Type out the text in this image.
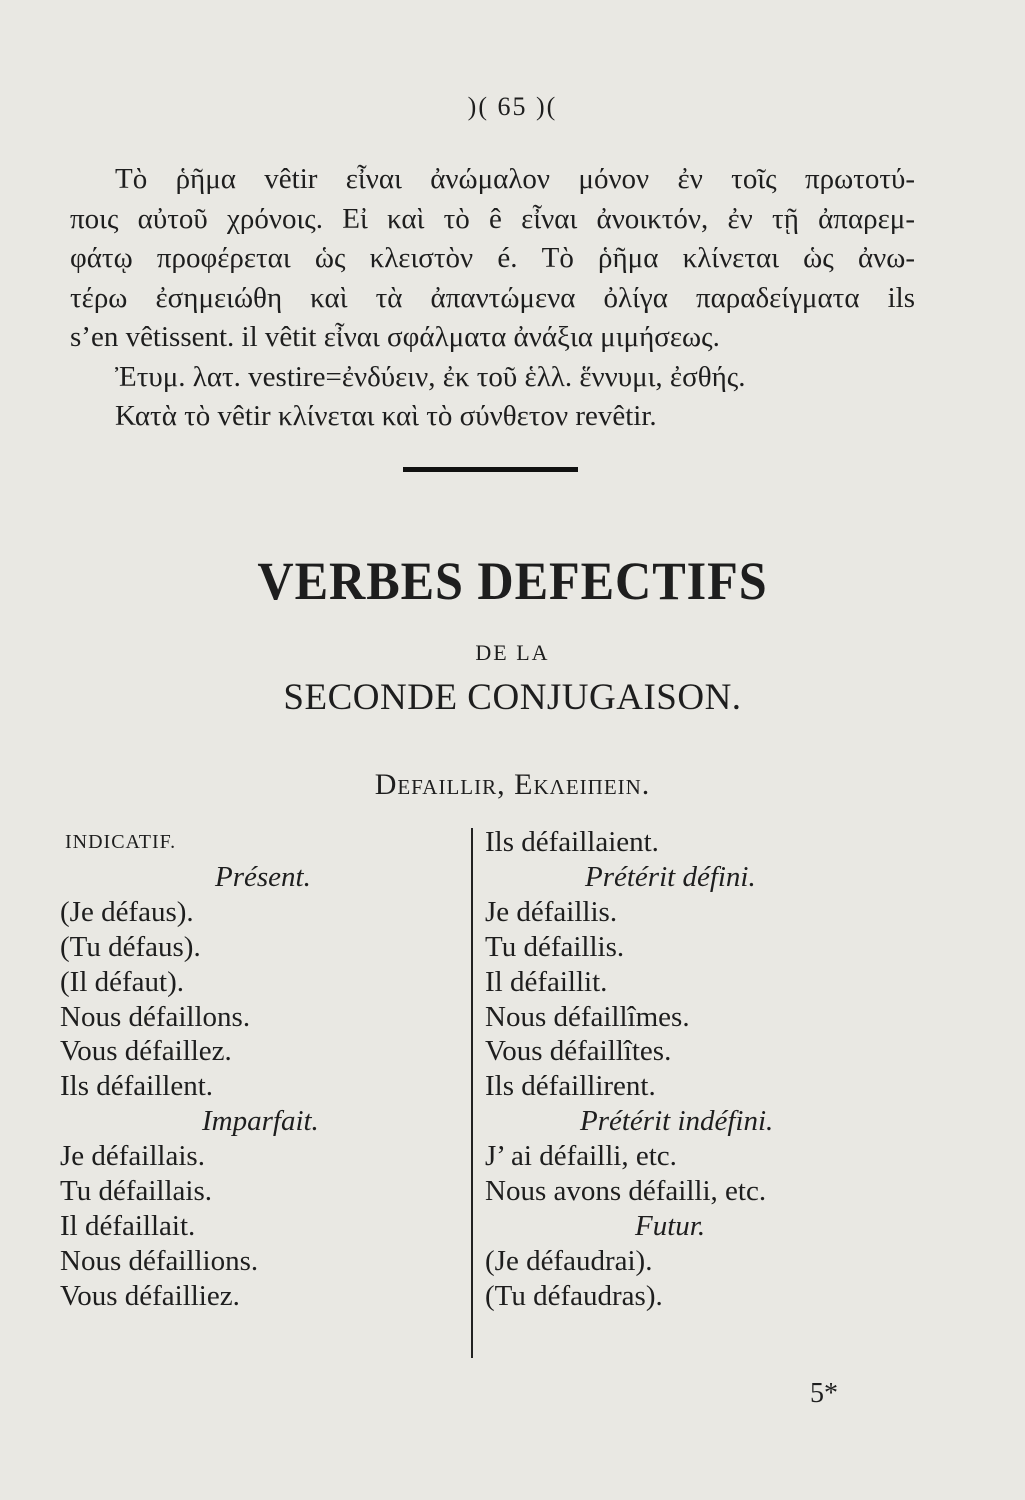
)( 65 )(
Τὸ ῥῆμα vêtir εἶναι ἀνώμαλον μόνον ἐν τοῖς πρωτοτύ-
ποις αὐτοῦ χρόνοις. Εἰ καὶ τὸ ê εἶναι ἀνοικτόν, ἐν τῇ ἀπαρεμ-
φάτῳ προφέρεται ὡς κλειστὸν é. Τὸ ῥῆμα κλίνεται ὡς ἀνω-
τέρω ἐσημειώθη καὶ τὰ ἀπαντώμενα ὀλίγα παραδείγματα ils
s’en vêtissent. il vêtit εἶναι σφάλματα ἀνάξια μιμήσεως.
Ἐτυμ. λατ. vestire=ἐνδύειν, ἐκ τοῦ ἑλλ. ἕννυμι, ἐσθής.
Κατὰ τὸ vêtir κλίνεται καὶ τὸ σύνθετον revêtir.
VERBES DEFECTIFS
DE LA
SECONDE CONJUGAISON.
Defaillir, Εκλειπειν.
INDICATIF.
Présent.
(Je défaus).
(Tu défaus).
(Il défaut).
Nous défaillons.
Vous défaillez.
Ils défaillent.
Imparfait.
Je défaillais.
Tu défaillais.
Il défaillait.
Nous défaillions.
Vous défailliez.
Ils défaillaient.
Prétérit défini.
Je défaillis.
Tu défaillis.
Il défaillit.
Nous défaillîmes.
Vous défaillîtes.
Ils défaillirent.
Prétérit indéfini.
J’ ai défailli, etc.
Nous avons défailli, etc.
Futur.
(Je défaudrai).
(Tu défaudras).
5*
